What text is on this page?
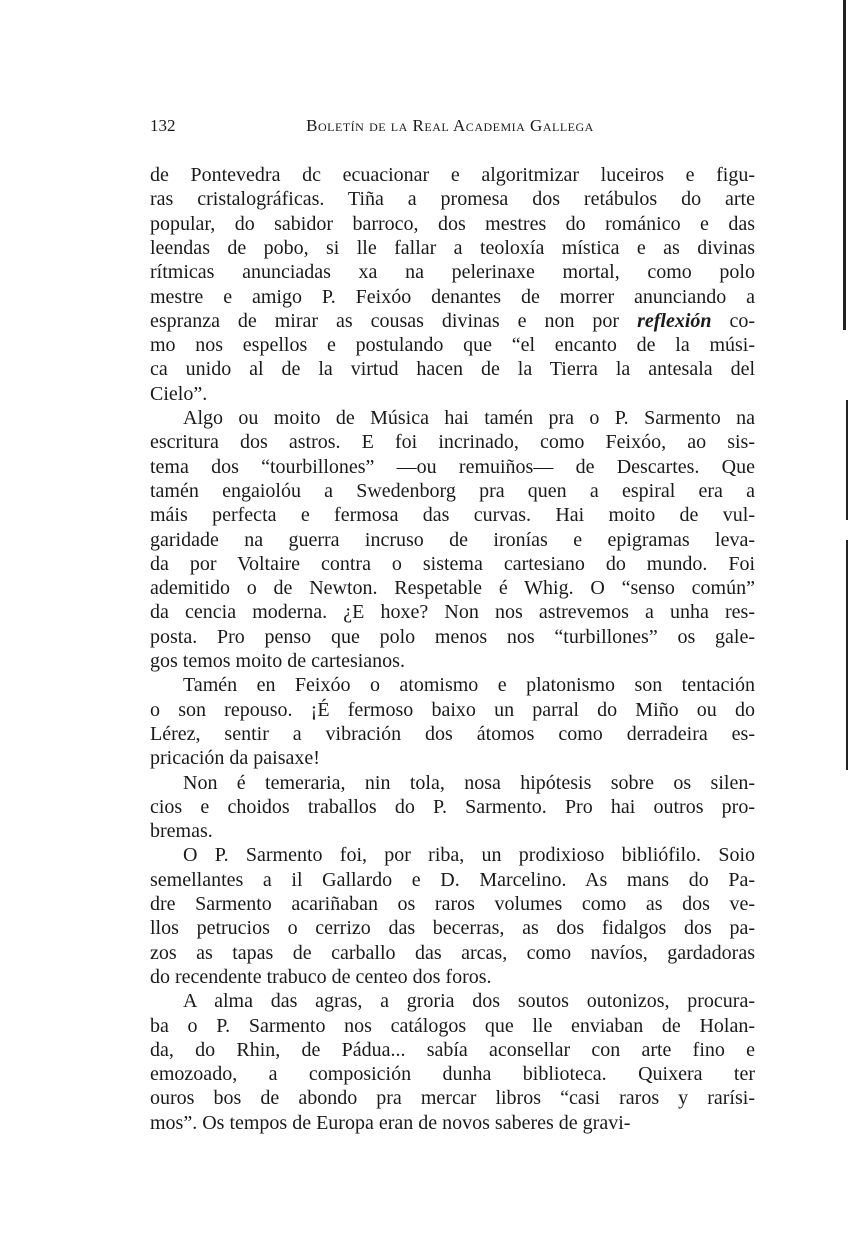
132	Boletín de la Real Academia Gallega
de Pontevedra dc ecuacionar e algoritmizar luceiros e figu-
ras cristalográficas. Tiña a promesa dos retábulos do arte
popular, do sabidor barroco, dos mestres do románico e das
leendas de pobo, si lle fallar a teoloxía mística e as divinas
rítmicas anunciadas xa na pelerinaxe mortal, como polo
mestre e amigo P. Feixóo denantes de morrer anunciando a
espranza de mirar as cousas divinas e non por reflexión co-
mo nos espellos e postulando que “el encanto de la músi-
ca unido al de la virtud hacen de la Tierra la antesala del
Cielo”.
Algo ou moito de Música hai tamén pra o P. Sarmento na
escritura dos astros. E foi incrinado, como Feixóo, ao sis-
tema dos “tourbillones” —ou remuiños— de Descartes. Que
tamén engaiolóu a Swedenborg pra quen a espiral era a
máis perfecta e fermosa das curvas. Hai moito de vul-
garidade na guerra incruso de ironías e epigramas leva-
da por Voltaire contra o sistema cartesiano do mundo. Foi
ademitido o de Newton. Respetable é Whig. O “senso común”
da cencia moderna. ¿E hoxe? Non nos astrevemos a unha res-
posta. Pro penso que polo menos nos “turbillones” os gale-
gos temos moito de cartesianos.
Tamén en Feixóo o atomismo e platonismo son tentación
o son repouso. ¡É fermoso baixo un parral do Miño ou do
Lérez, sentir a vibración dos átomos como derradeira es-
pricación da paisaxe!
Non é temeraria, nin tola, nosa hipótesis sobre os silen-
cios e choidos traballos do P. Sarmento. Pro hai outros pro-
bremas.
O P. Sarmento foi, por riba, un prodixioso bibliófilo. Soio
semellantes a il Gallardo e D. Marcelino. As mans do Pa-
dre Sarmento acariñaban os raros volumes como as dos ve-
llos petrucios o cerrizo das becerras, as dos fidalgos dos pa-
zos as tapas de carballo das arcas, como navíos, gardadoras
do recendente trabuco de centeo dos foros.
A alma das agras, a groria dos soutos outonizos, procura-
ba o P. Sarmento nos catálogos que lle enviaban de Holan-
da, do Rhin, de Pádua... sabía aconsellar con arte fino e
emozoado, a composición dunha biblioteca. Quixera ter
ouros bos de abondo pra mercar libros “casi raros y rarísi-
mos”. Os tempos de Europa eran de novos saberes de gravi-
